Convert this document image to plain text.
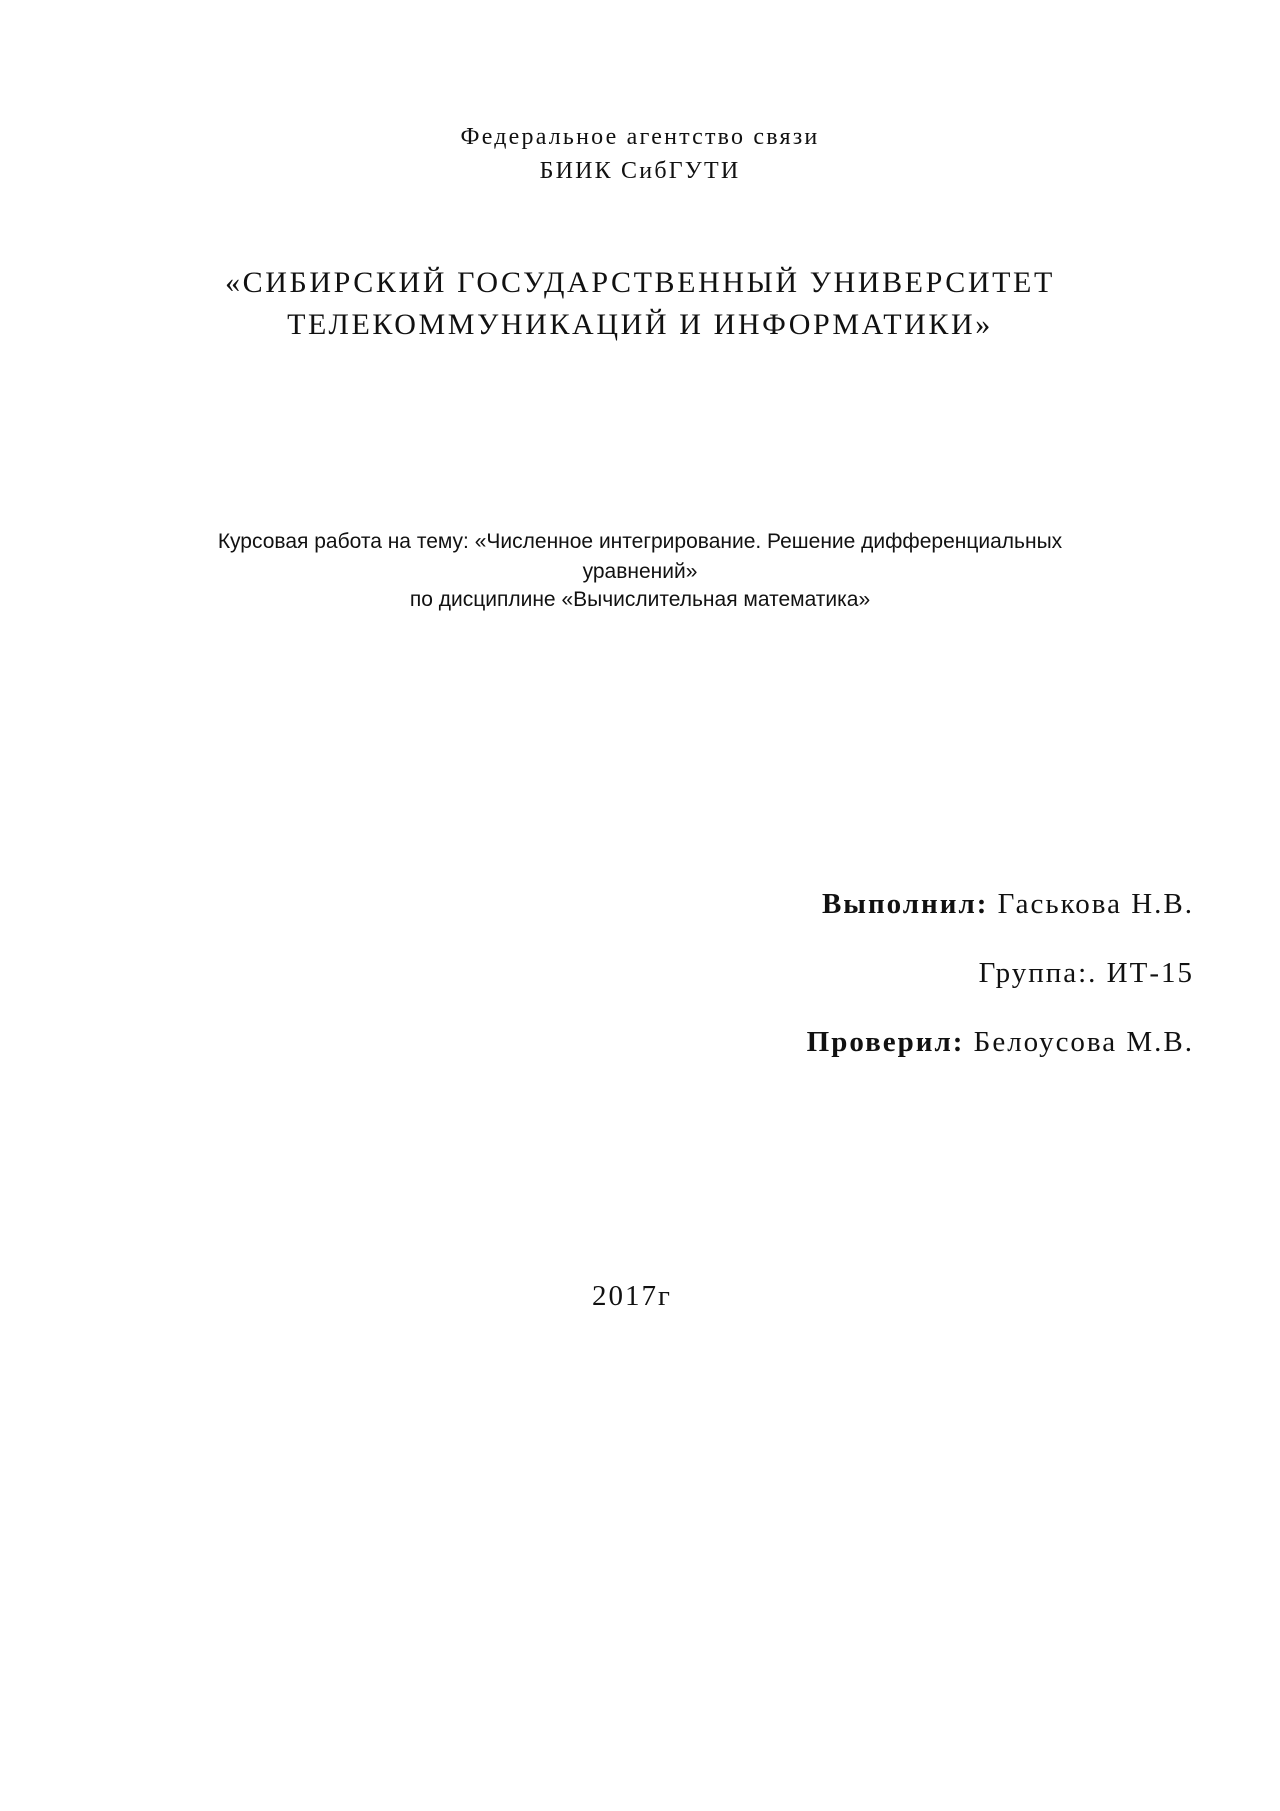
Федеральное агентство связи
БИИК СибГУТИ
«СИБИРСКИЙ ГОСУДАРСТВЕННЫЙ УНИВЕРСИТЕТ
ТЕЛЕКОММУНИКАЦИЙ И ИНФОРМАТИКИ»
Курсовая работа на тему: «Численное интегрирование. Решение дифференциальных
уравнений»
по дисциплине «Вычислительная математика»
Выполнил: Гаськова Н.В.
Группа:. ИТ-15
Проверил: Белоусова М.В.
2017г
